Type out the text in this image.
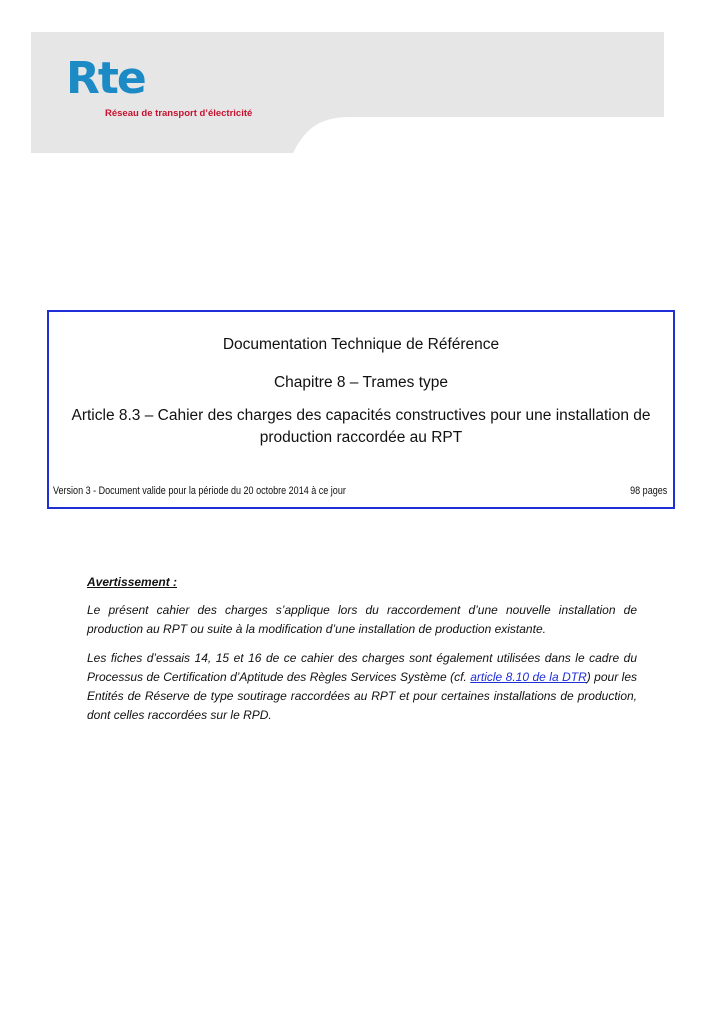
Rte
Réseau de transport d’électricité
Documentation Technique de Référence
Chapitre 8 – Trames type
Article 8.3 – Cahier des charges des capacités constructives pour une installation de production raccordée au RPT
Version 3 - Document valide pour la période du 20 octobre 2014 à ce jour	98 pages

Avertissement :

Le présent cahier des charges s’applique lors du raccordement d’une nouvelle installation de production au RPT ou suite à la modification d’une installation de production existante.

Les fiches d’essais 14, 15 et 16 de ce cahier des charges sont également utilisées dans le cadre du Processus de Certification d’Aptitude des Règles Services Système (cf. article 8.10 de la DTR) pour les Entités de Réserve de type soutirage raccordées au RPT et pour certaines installations de production, dont celles raccordées sur le RPD.
